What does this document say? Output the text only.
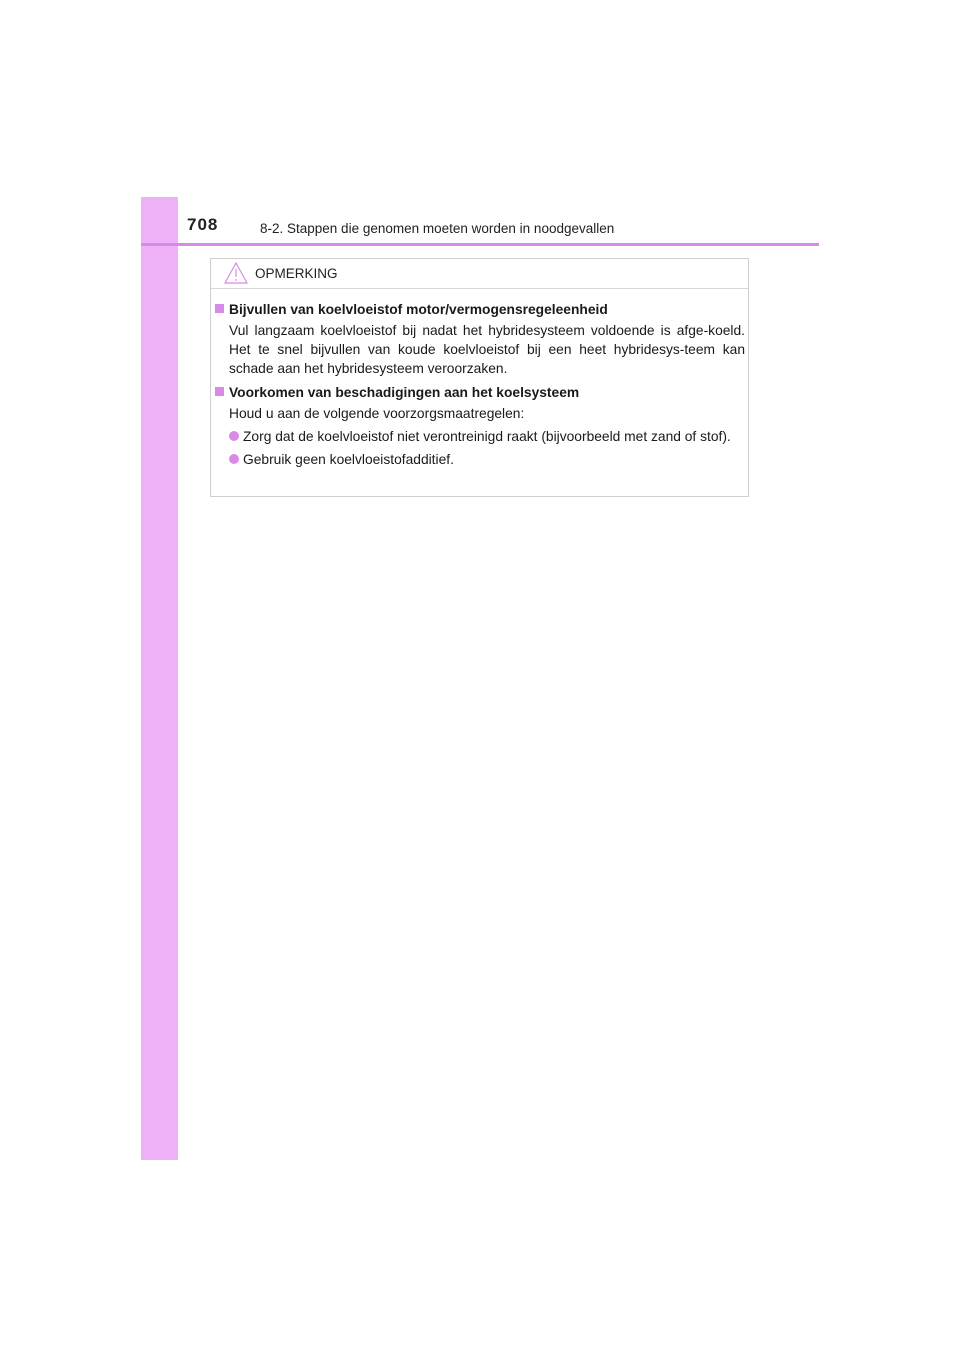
708	8-2. Stappen die genomen moeten worden in noodgevallen
OPMERKING
Bijvullen van koelvloeistof motor/vermogensregeleenheid

Vul langzaam koelvloeistof bij nadat het hybridesysteem voldoende is afge-koeld. Het te snel bijvullen van koude koelvloeistof bij een heet hybridesys-teem kan schade aan het hybridesysteem veroorzaken.

Voorkomen van beschadigingen aan het koelsysteem

Houd u aan de volgende voorzorgsmaatregelen:

Zorg dat de koelvloeistof niet verontreinigd raakt (bijvoorbeeld met zand of stof).
Gebruik geen koelvloeistofadditief.
